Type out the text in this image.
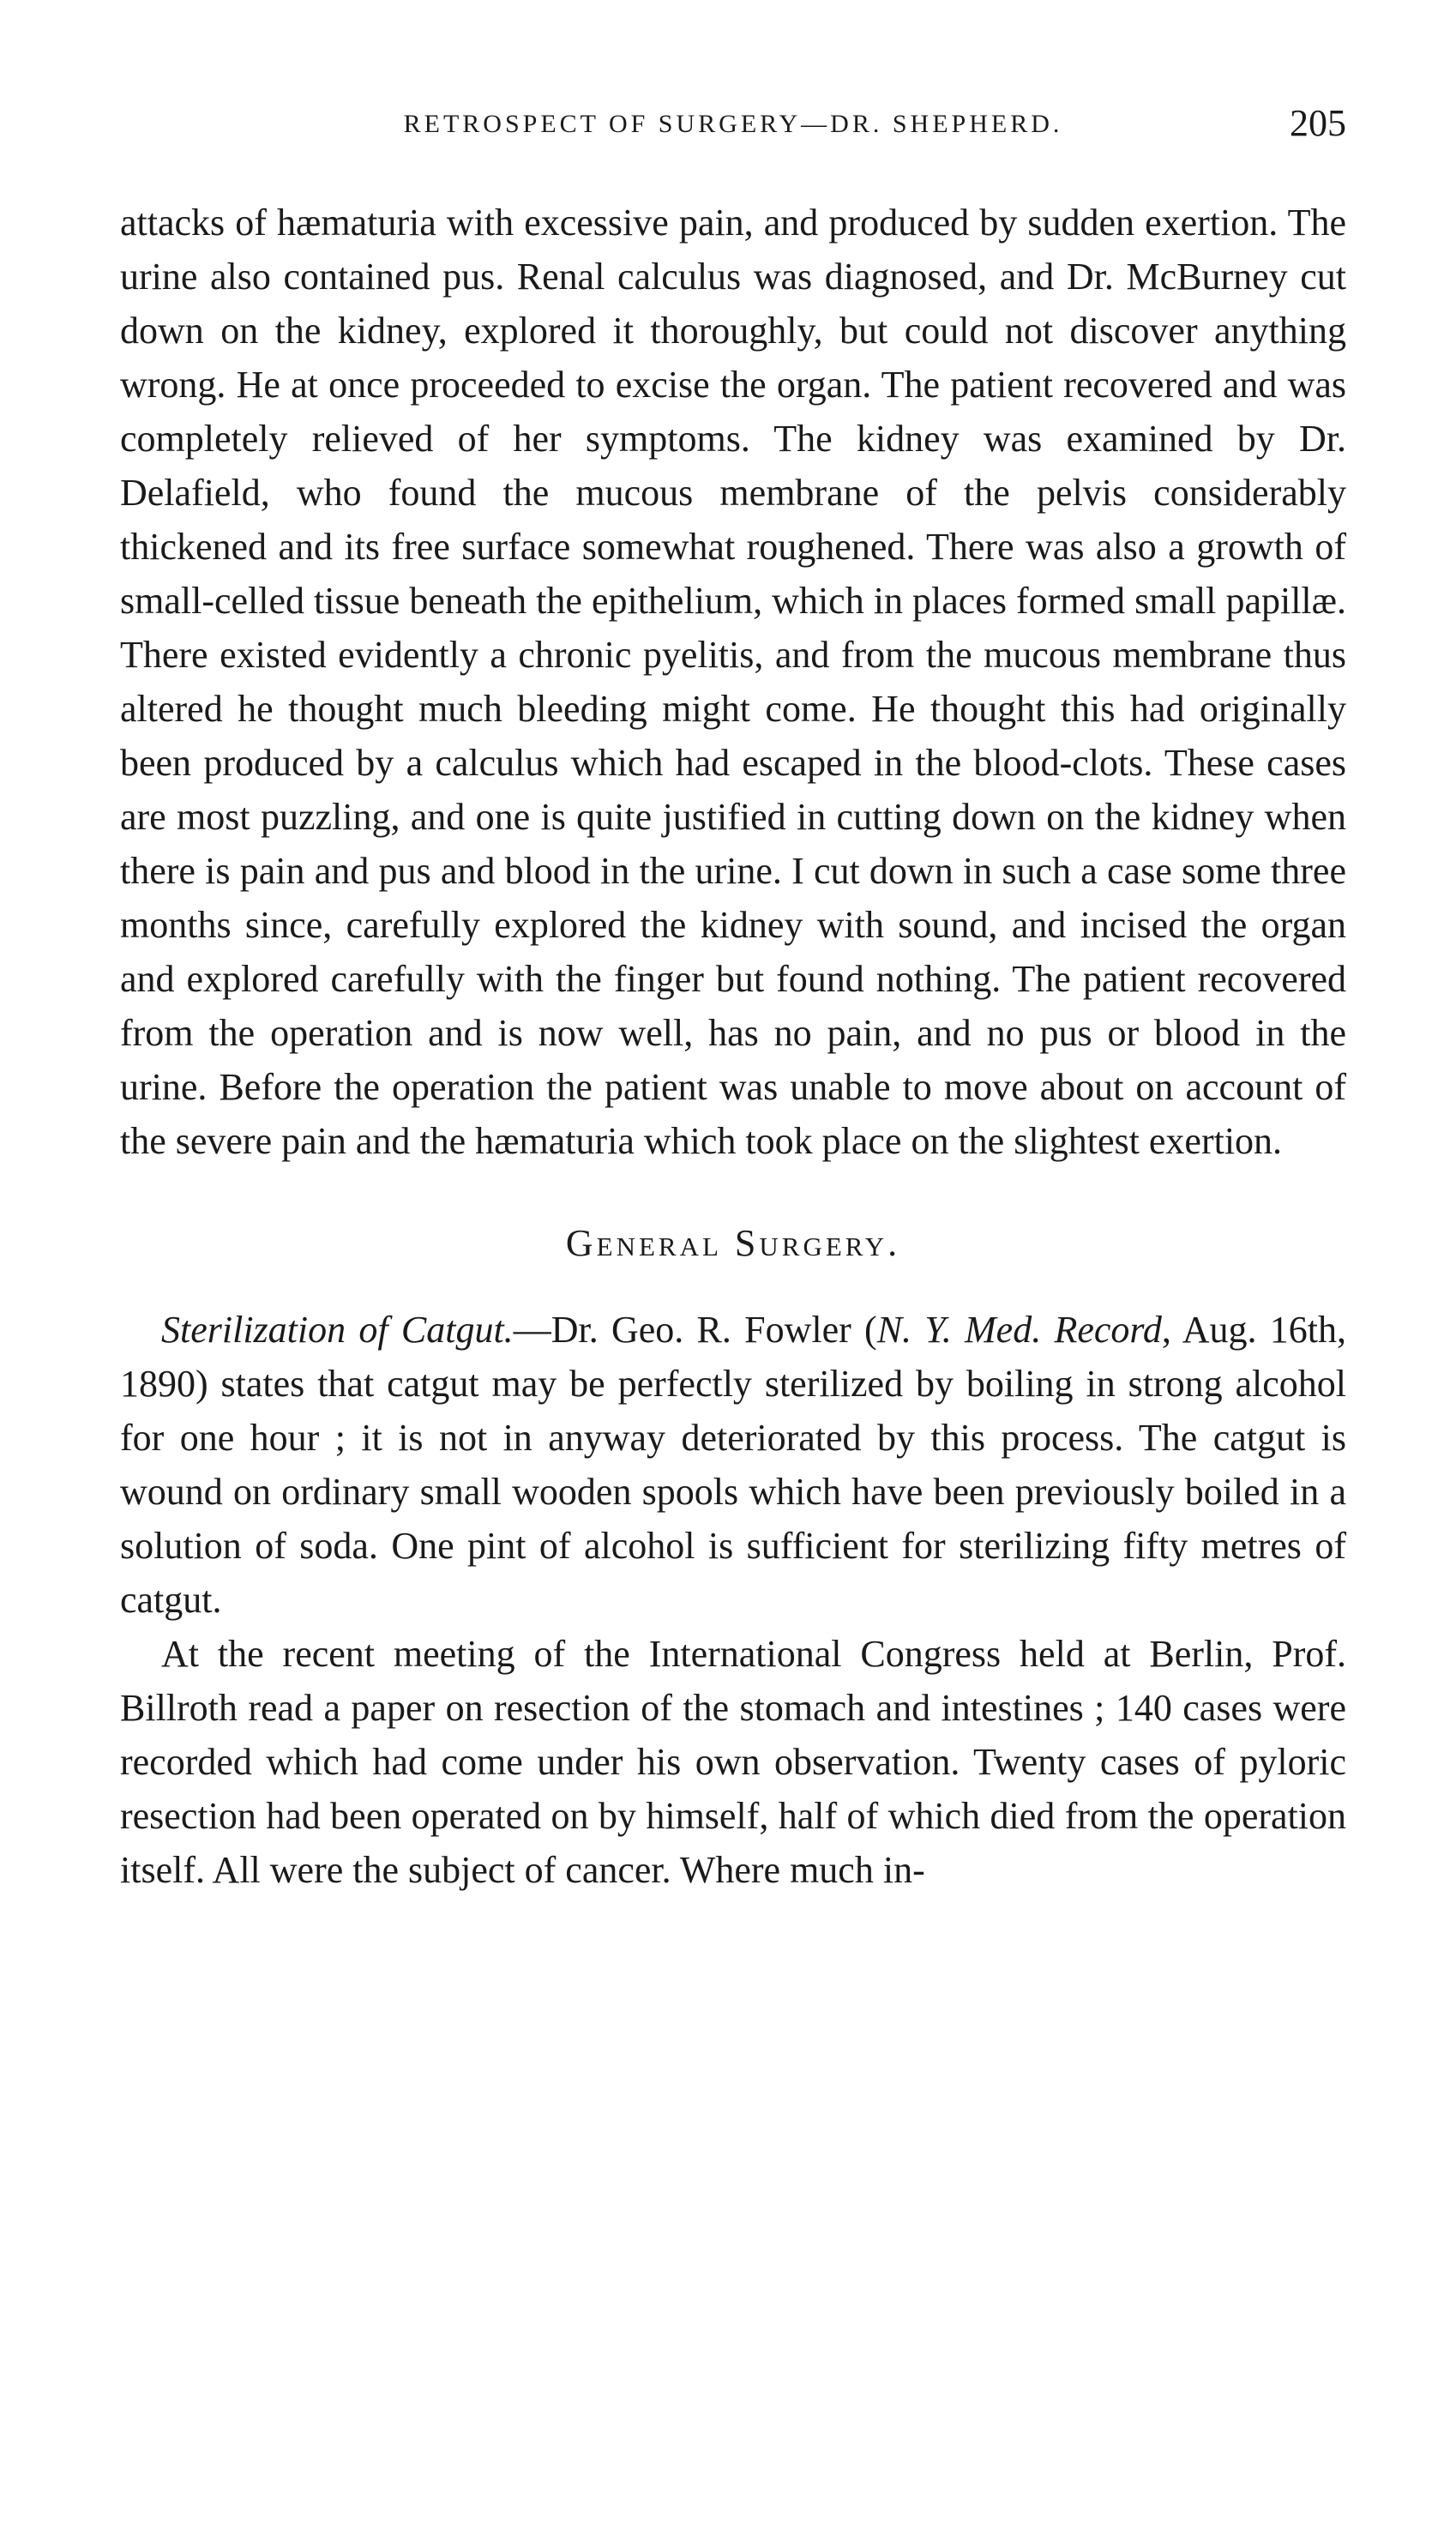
RETROSPECT OF SURGERY—DR. SHEPHERD.	205

attacks of hæmaturia with excessive pain, and produced by sudden exertion. The urine also contained pus. Renal calculus was diagnosed, and Dr. McBurney cut down on the kidney, explored it thoroughly, but could not discover anything wrong. He at once proceeded to excise the organ. The patient recovered and was completely relieved of her symptoms. The kidney was examined by Dr. Delafield, who found the mucous membrane of the pelvis considerably thickened and its free surface somewhat roughened. There was also a growth of small-celled tissue beneath the epithelium, which in places formed small papillæ. There existed evidently a chronic pyelitis, and from the mucous membrane thus altered he thought much bleeding might come. He thought this had originally been produced by a calculus which had escaped in the blood-clots. These cases are most puzzling, and one is quite justified in cutting down on the kidney when there is pain and pus and blood in the urine. I cut down in such a case some three months since, carefully explored the kidney with sound, and incised the organ and explored carefully with the finger but found nothing. The patient recovered from the operation and is now well, has no pain, and no pus or blood in the urine. Before the operation the patient was unable to move about on account of the severe pain and the hæmaturia which took place on the slightest exertion.

General Surgery.

Sterilization of Catgut.—Dr. Geo. R. Fowler (N. Y. Med. Record, Aug. 16th, 1890) states that catgut may be perfectly sterilized by boiling in strong alcohol for one hour ; it is not in anyway deteriorated by this process. The catgut is wound on ordinary small wooden spools which have been previously boiled in a solution of soda. One pint of alcohol is sufficient for sterilizing fifty metres of catgut.

At the recent meeting of the International Congress held at Berlin, Prof. Billroth read a paper on resection of the stomach and intestines ; 140 cases were recorded which had come under his own observation. Twenty cases of pyloric resection had been operated on by himself, half of which died from the operation itself. All were the subject of cancer. Where much in-
